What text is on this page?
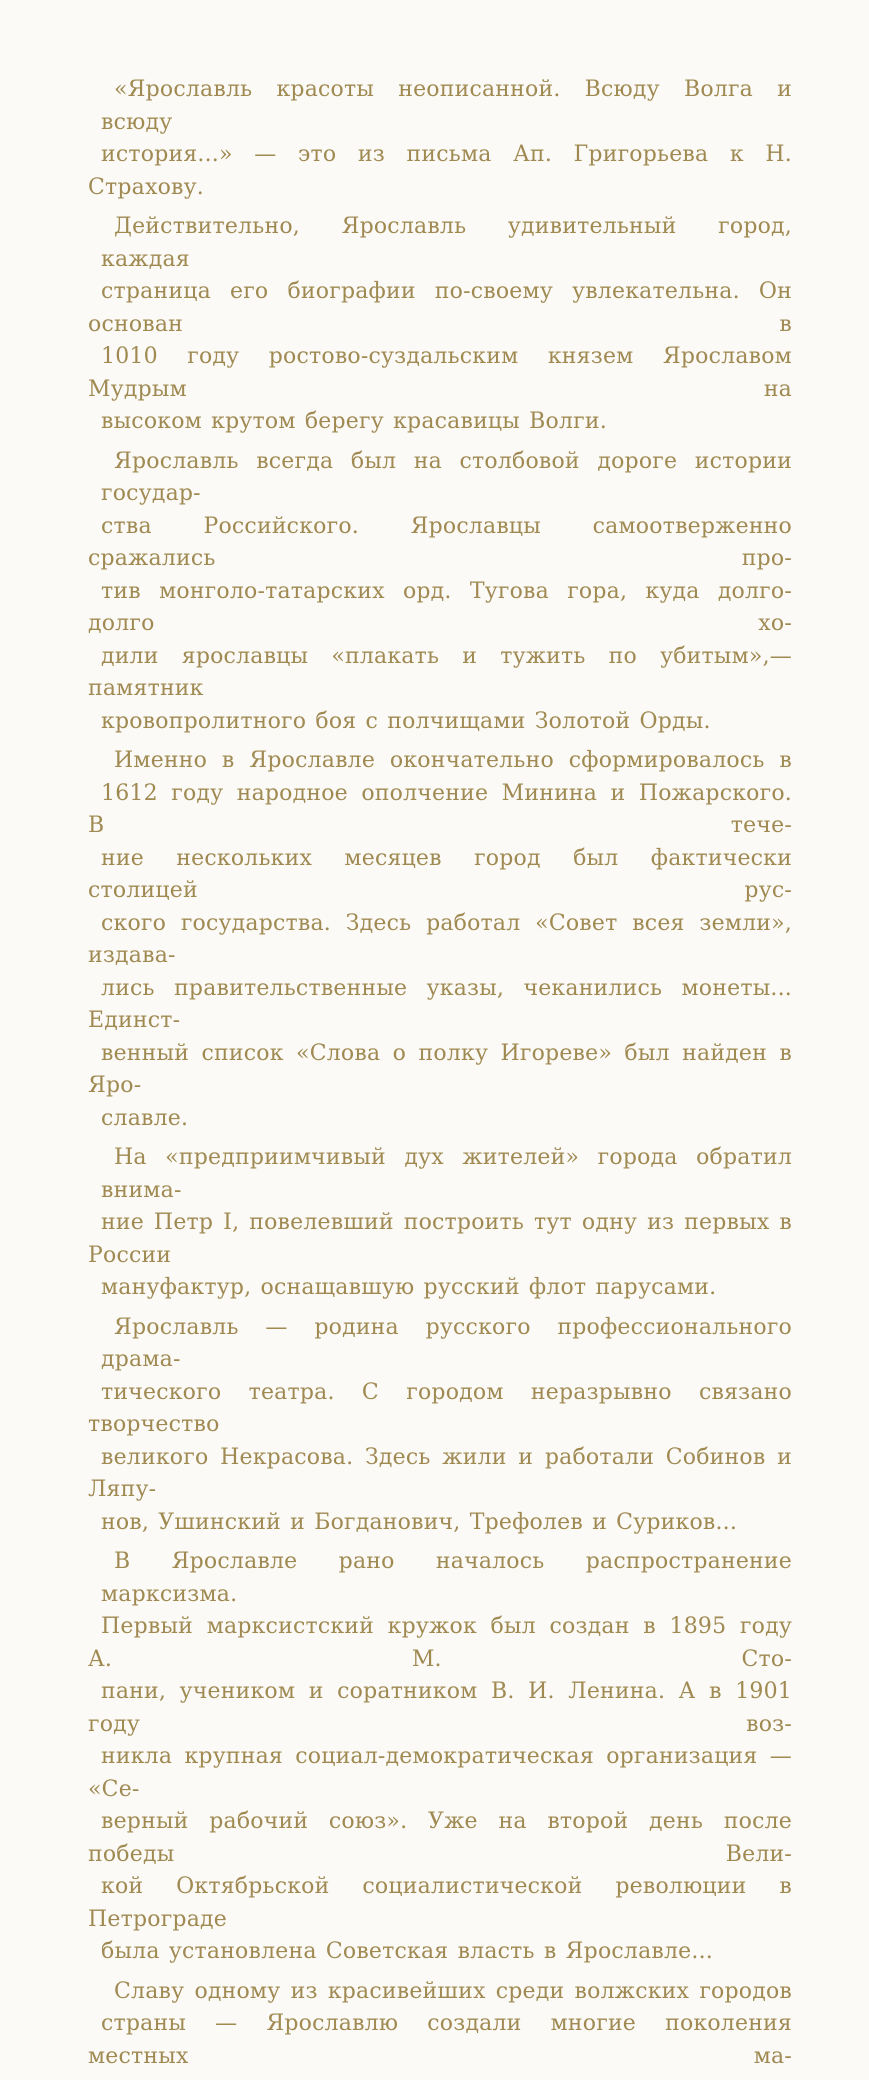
«Ярославль красоты неописанной. Всюду Волга и всюду
история...» — это из письма Ап. Григорьева к Н. Страхову.

Действительно, Ярославль удивительный город, каждая
страница его биографии по-своему увлекательна. Он основан в
1010 году ростово-суздальским князем Ярославом Мудрым на
высоком крутом берегу красавицы Волги.

Ярославль всегда был на столбовой дороге истории государ-
ства Российского. Ярославцы самоотверженно сражались про-
тив монголо-татарских орд. Тугова гора, куда долго-долго хо-
дили ярославцы «плакать и тужить по убитым»,— памятник
кровопролитного боя с полчищами Золотой Орды.

Именно в Ярославле окончательно сформировалось в
1612 году народное ополчение Минина и Пожарского. В тече-
ние нескольких месяцев город был фактически столицей рус-
ского государства. Здесь работал «Совет всея земли», издава-
лись правительственные указы, чеканились монеты... Единст-
венный список «Слова о полку Игореве» был найден в Яро-
славле.

На «предприимчивый дух жителей» города обратил внима-
ние Петр I, повелевший построить тут одну из первых в России
мануфактур, оснащавшую русский флот парусами.

Ярославль — родина русского профессионального драма-
тического театра. С городом неразрывно связано творчество
великого Некрасова. Здесь жили и работали Собинов и Ляпу-
нов, Ушинский и Богданович, Трефолев и Суриков...

В Ярославле рано началось распространение марксизма.
Первый марксистский кружок был создан в 1895 году А. М. Сто-
пани, учеником и соратником В. И. Ленина. А в 1901 году воз-
никла крупная социал-демократическая организация — «Се-
верный рабочий союз». Уже на второй день после победы Вели-
кой Октябрьской социалистической революции в Петрограде
была установлена Советская власть в Ярославле...

Славу одному из красивейших среди волжских городов
страны — Ярославлю создали многие поколения местных ма-
